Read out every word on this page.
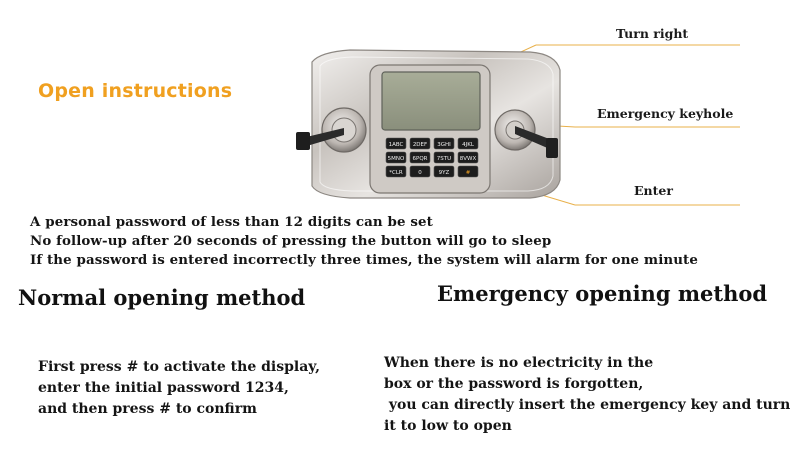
1ABC 2DEF 3GHI 4JKL
5MNO 6PQR 7STU 8VWX
*CLR	0	9YZ	#
Open instructions
Turn right
Emergency keyhole
Enter
A personal password of less than 12 digits can be set
No follow-up after 20 seconds of pressing the button will go to sleep
If the password is entered incorrectly three times, the system will alarm for one minute
Normal opening method	Emergency opening method
First press # to activate the display,
enter the initial password 1234,
and then press # to confirm
When there is no electricity in the
box or the password is forgotten,
you can directly insert the emergency key and turn
it to low to open
